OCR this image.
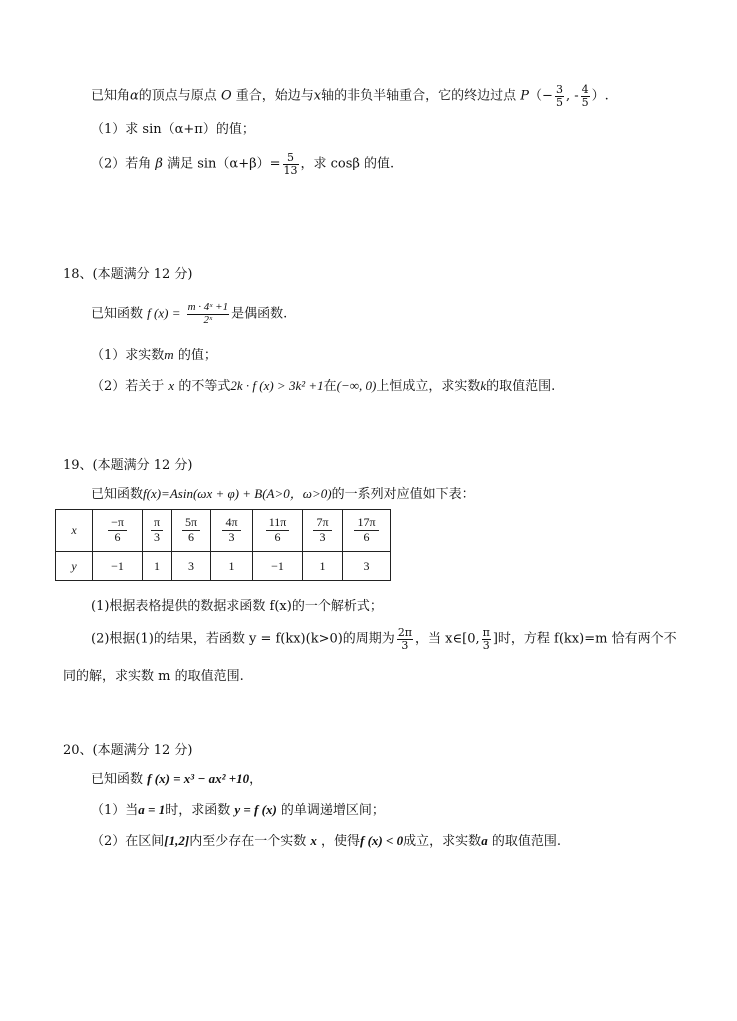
已知角α的顶点与原点 O 重合，始边与x轴的非负半轴重合，它的终边过点 $P(- \frac{3}{5}$ , - $\frac{4}{5}$ ）.
（1）求 sin（α+π）的值；
（2）若角 β 满足 $\sin(\alpha+\beta)= \frac{5}{13}$ ，求 cosβ 的值.
18、(本题满分 12 分)
已知函数 f $(x) = \frac{\text{m · 4ˣ +1}}{\text{2ˣ}}$ 是偶函数.
（1）求实数m 的值；
（2）若关于 x 的不等式2k · f (x) > 3k² +1在(−∞, 0)上恒成立，求实数k的取值范围.
19、(本题满分 12 分)
已知函数f(x)=Asin(ωx + φ) + B(A>0，ω>0)的一系列对应值如下表：
x	$\frac{-\pi}{6}$	$\frac{\pi}{3}$	$\frac{5\pi}{6}$	$\frac{4\pi}{3}$	$\frac{11\pi}{6}$	$\frac{7\pi}{3}$	$\frac{17\pi}{6}$

y	−1	1	3	1	−1	1	3
(1)根据表格提供的数据求函数 f(x)的一个解析式；
(2)根据(1)的结果，若函数 y = f(kx)(k>0)的周期为 $\frac{2\pi}{3}$ ，当 x∈[0, $\frac{\pi}{3}$ ]时，方程 f(kx)=m 恰有两个不
同的解，求实数 m 的取值范围.
20、(本题满分 12 分)
已知函数 f (x) = x³ − ax² +10，
（1）当a = 1时，求函数 y = f (x) 的单调递增区间；
（2）在区间[1,2]内至少存在一个实数 x ，使得f (x) < 0成立，求实数a 的取值范围.
